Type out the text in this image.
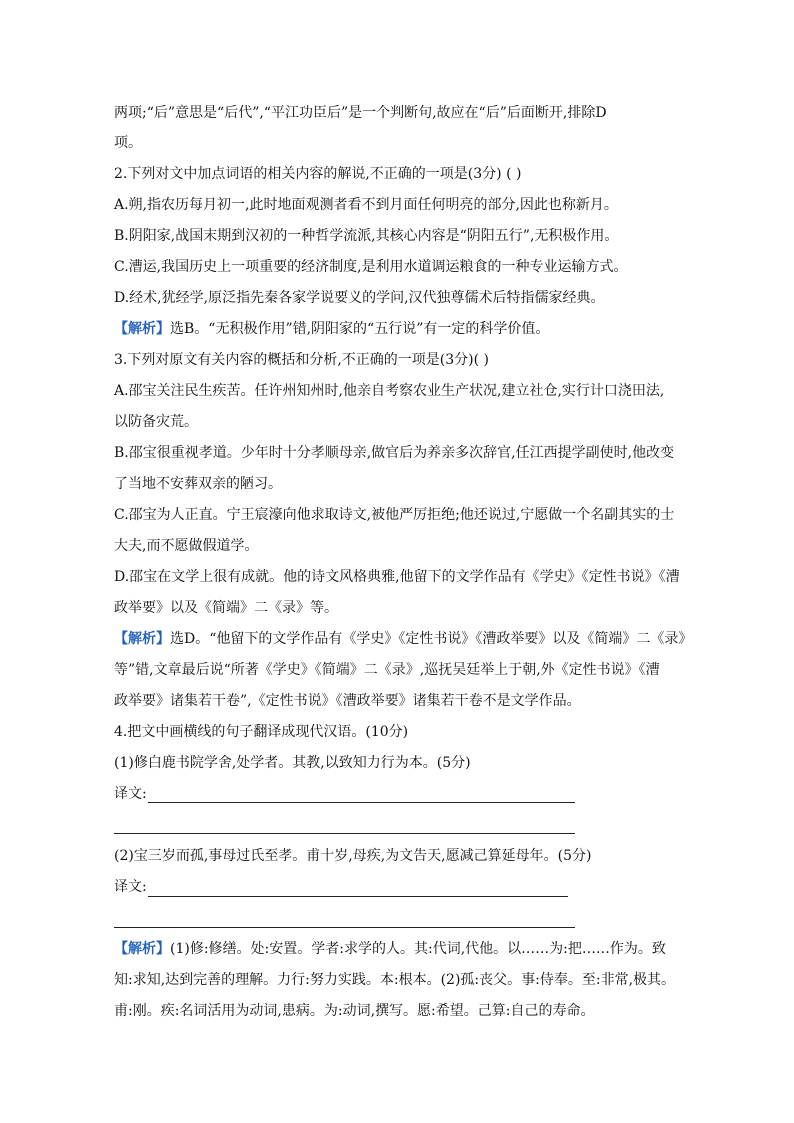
两项;“后”意思是“后代”,“平江功臣后”是一个判断句,故应在“后”后面断开,排除D
项。
2.下列对文中加点词语的相关内容的解说,不正确的一项是(3分) ( )
A.朔,指农历每月初一,此时地面观测者看不到月面任何明亮的部分,因此也称新月。
B.阴阳家,战国末期到汉初的一种哲学流派,其核心内容是“阴阳五行”,无积极作用。
C.漕运,我国历史上一项重要的经济制度,是利用水道调运粮食的一种专业运输方式。
D.经术,犹经学,原泛指先秦各家学说要义的学问,汉代独尊儒术后特指儒家经典。
【解析】选B。“无积极作用”错,阴阳家的“五行说”有一定的科学价值。
3.下列对原文有关内容的概括和分析,不正确的一项是(3分)( )
A.邵宝关注民生疾苦。任许州知州时,他亲自考察农业生产状况,建立社仓,实行计口浇田法,
以防备灾荒。
B.邵宝很重视孝道。少年时十分孝顺母亲,做官后为养亲多次辞官,任江西提学副使时,他改变
了当地不安葬双亲的陋习。
C.邵宝为人正直。宁王宸濠向他求取诗文,被他严厉拒绝;他还说过,宁愿做一个名副其实的士
大夫,而不愿做假道学。
D.邵宝在文学上很有成就。他的诗文风格典雅,他留下的文学作品有《学史》《定性书说》《漕
政举要》以及《简端》二《录》等。
【解析】选D。“他留下的文学作品有《学史》《定性书说》《漕政举要》以及《简端》二《录》
等”错,文章最后说“所著《学史》《简端》二《录》,巡抚吴廷举上于朝,外《定性书说》《漕
政举要》诸集若干卷”,《定性书说》《漕政举要》诸集若干卷不是文学作品。
4.把文中画横线的句子翻译成现代汉语。(10分)
(1)修白鹿书院学舍,处学者。其教,以致知力行为本。(5分)
译文:
(2)宝三岁而孤,事母过氏至孝。甫十岁,母疾,为文告天,愿减己算延母年。(5分)
译文:
【解析】(1)修:修缮。处:安置。学者:求学的人。其:代词,代他。以……为:把……作为。致
知:求知,达到完善的理解。力行:努力实践。本:根本。(2)孤:丧父。事:侍奉。至:非常,极其。
甫:刚。疾:名词活用为动词,患病。为:动词,撰写。愿:希望。己算:自己的寿命。
